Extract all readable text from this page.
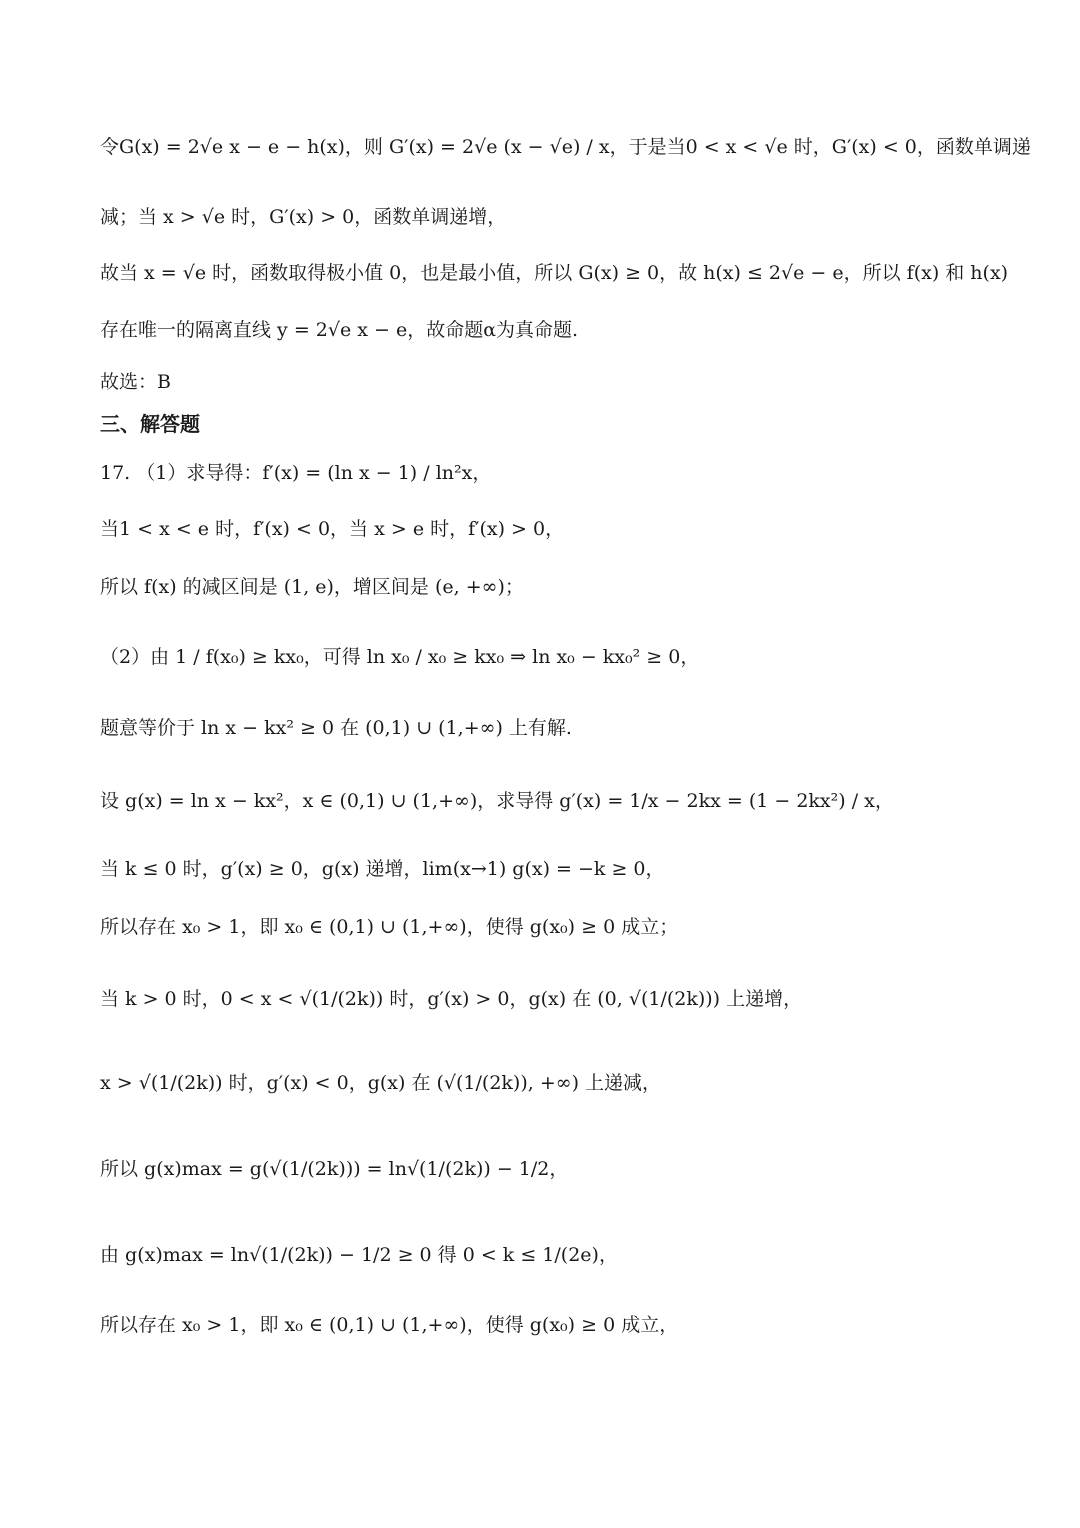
令G(x) = 2√e x − e − h(x)，则 G′(x) = 2√e (x − √e) / x，于是当0 < x < √e 时，G′(x) < 0，函数单调递
减；当 x > √e 时，G′(x) > 0，函数单调递增，
故当 x = √e 时，函数取得极小值 0，也是最小值，所以 G(x) ≥ 0，故 h(x) ≤ 2√e − e，所以 f(x) 和 h(x)
存在唯一的隔离直线 y = 2√e x − e，故命题α为真命题.
故选：B
三、解答题
17. （1）求导得：f′(x) = (ln x − 1) / ln²x，
当1 < x < e 时，f′(x) < 0，当 x > e 时，f′(x) > 0，
所以 f(x) 的减区间是 (1, e)，增区间是 (e, +∞)；
（2）由 1 / f(x₀) ≥ kx₀，可得 ln x₀ / x₀ ≥ kx₀ ⇒ ln x₀ − kx₀² ≥ 0，
题意等价于 ln x − kx² ≥ 0 在 (0,1) ∪ (1,+∞) 上有解.
设 g(x) = ln x − kx²，x ∈ (0,1) ∪ (1,+∞)，求导得 g′(x) = 1/x − 2kx = (1 − 2kx²) / x，
当 k ≤ 0 时，g′(x) ≥ 0，g(x) 递增，lim(x→1) g(x) = −k ≥ 0，
所以存在 x₀ > 1，即 x₀ ∈ (0,1) ∪ (1,+∞)，使得 g(x₀) ≥ 0 成立；
当 k > 0 时，0 < x < √(1/(2k)) 时，g′(x) > 0，g(x) 在 (0, √(1/(2k))) 上递增，
x > √(1/(2k)) 时，g′(x) < 0，g(x) 在 (√(1/(2k)), +∞) 上递减，
所以 g(x)max = g(√(1/(2k))) = ln√(1/(2k)) − 1/2，
由 g(x)max = ln√(1/(2k)) − 1/2 ≥ 0 得 0 < k ≤ 1/(2e)，
所以存在 x₀ > 1，即 x₀ ∈ (0,1) ∪ (1,+∞)，使得 g(x₀) ≥ 0 成立，
